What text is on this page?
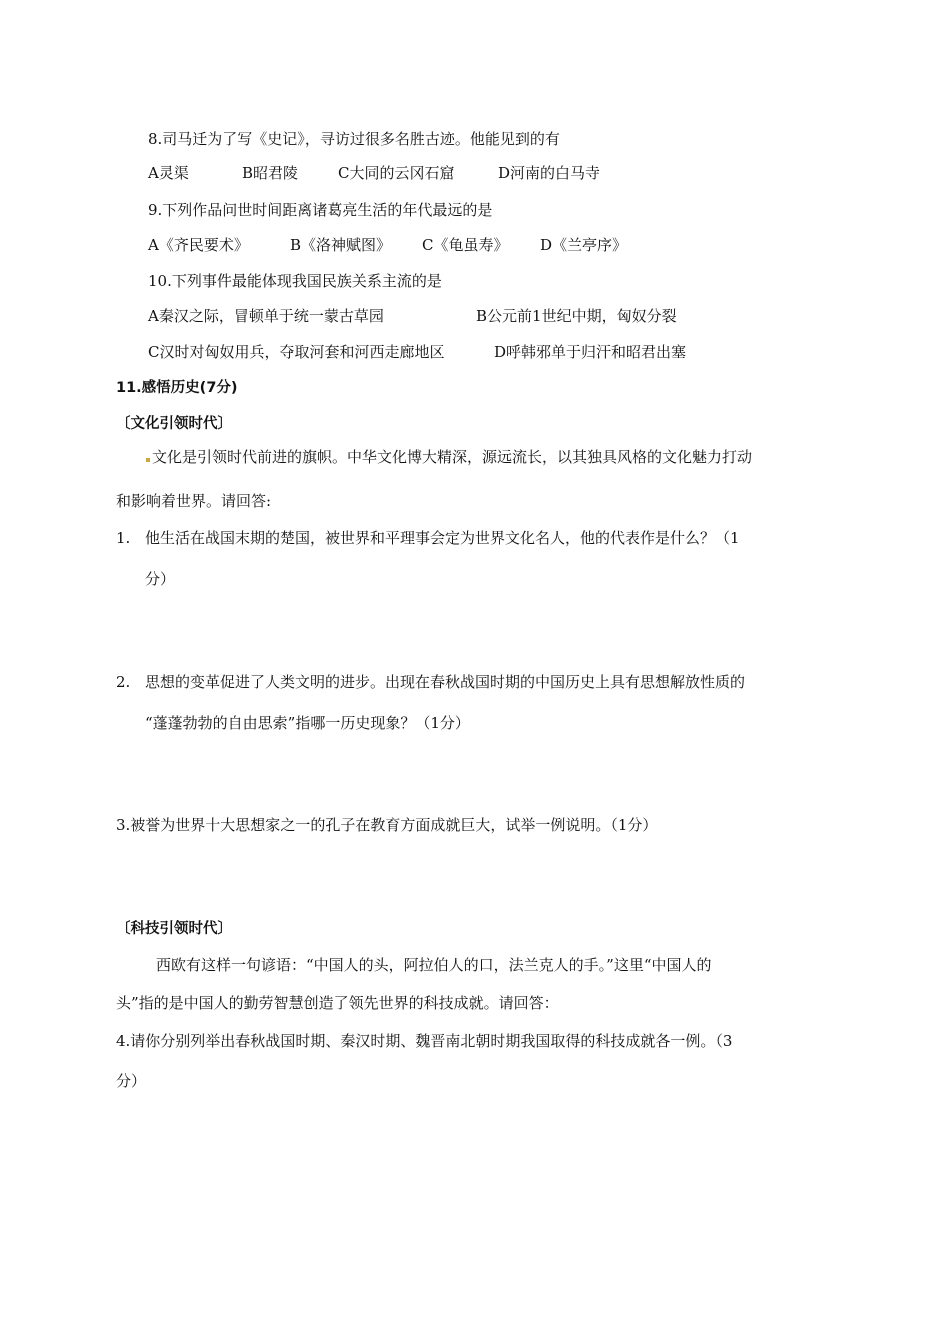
8.司马迁为了写《史记》，寻访过很多名胜古迹。他能见到的有
A灵渠	B昭君陵	C大同的云冈石窟	D河南的白马寺
9.下列作品问世时间距离诸葛亮生活的年代最远的是
A《齐民要术》	B《洛神赋图》 C《龟虽寿》 D《兰亭序》
10.下列事件最能体现我国民族关系主流的是
A秦汉之际，冒顿单于统一蒙古草园	B公元前1世纪中期，匈奴分裂
C汉时对匈奴用兵，夺取河套和河西走廊地区	D呼韩邪单于归汗和昭君出塞
11.感悟历史(7分)
〔文化引领时代〕
文化是引领时代前进的旗帜。中华文化博大精深，源远流长，以其独具风格的文化魅力打动
和影响着世界。请回答:
1. 他生活在战国末期的楚国，被世界和平理事会定为世界文化名人，他的代表作是什么？（1
分）
2. 思想的变革促进了人类文明的进步。出现在春秋战国时期的中国历史上具有思想解放性质的
“蓬蓬勃勃的自由思索”指哪一历史现象？（1分）
3.被誉为世界十大思想家之一的孔子在教育方面成就巨大，试举一例说明。（1分）
〔科技引领时代〕
西欧有这样一句谚语：“中国人的头，阿拉伯人的口，法兰克人的手。”这里“中国人的
头”指的是中国人的勤劳智慧创造了领先世界的科技成就。请回答：
4.请你分别列举出春秋战国时期、秦汉时期、魏晋南北朝时期我国取得的科技成就各一例。（3
分）
